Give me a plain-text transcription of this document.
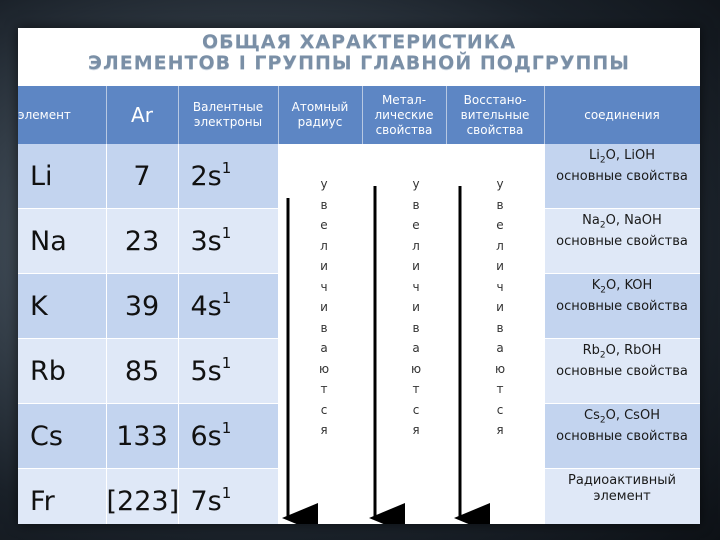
ОБЩАЯ ХАРАКТЕРИСТИКА
ЭЛЕМЕНТОВ I ГРУППЫ ГЛАВНОЙ ПОДГРУППЫ
элемент	Ar	Валентные электроны	Атомный радиус	Метал-лические свойства	Восстано-вительные свойства	соединения
Li	7	$2s^1$				$Li_2O$, LiOH
основные свойства

Na	23	$3s^1$				$Na_2O$, NaOH
основные свойства

K	39	$4s^1$				$K_2O$, KOH
основные свойства

Rb	85	$5s^1$				$Rb_2O$, RbOH
основные свойства

Cs	133	$6s^1$				$Cs_2O$, CsOH
основные свойства

Fr	[223]	$7s^1$				Радиоактивный элемент
у
в
е
л
и
ч
и
в
а
ю
т
с
я
у
в
е
л
и
ч
и
в
а
ю
т
с
я
у
в
е
л
и
ч
и
в
а
ю
т
с
я
